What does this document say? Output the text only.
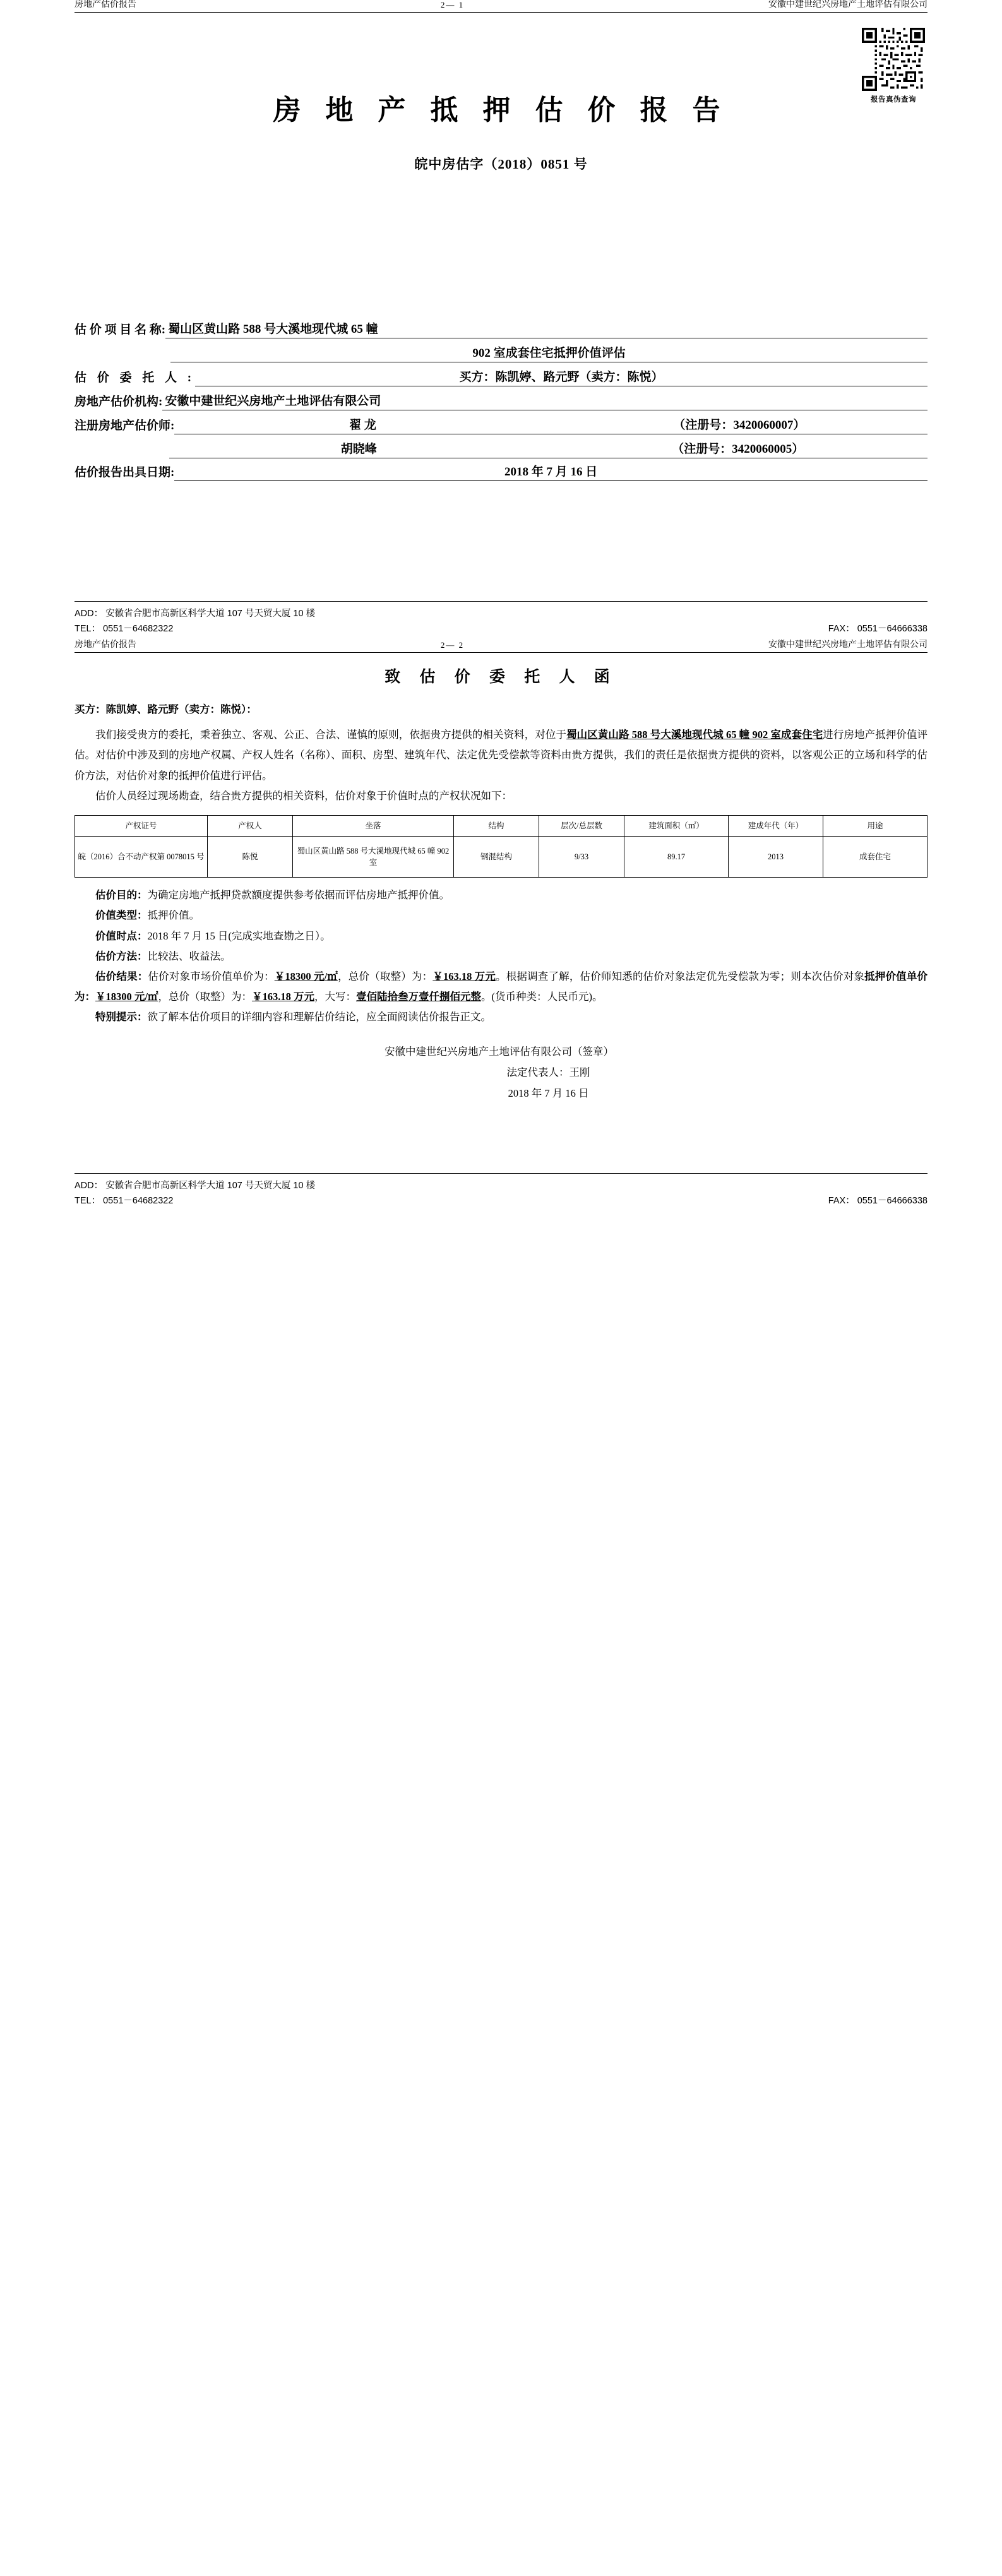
房地产估价报告	2— 1	安徽中建世纪兴房地产土地评估有限公司
报告真伪查询
房 地 产 抵 押 估 价 报 告
皖中房估字（2018）0851 号
估 价 项 目 名 称: 蜀山区黄山路 588 号大溪地现代城 65 幢
902 室成套住宅抵押价值评估
估 价 委 托 人 :	买方：陈凯婷、路元野（卖方：陈悦）
房地产估价机构: 安徽中建世纪兴房地产土地评估有限公司
注册房地产估价师:	翟 龙	（注册号：3420060007）
胡晓峰	（注册号：3420060005）
估价报告出具日期:	2018 年 7 月 16 日
ADD： 安徽省合肥市高新区科学大道 107 号天贸大厦 10 楼
TEL： 0551－64682322	FAX： 0551－64666338
房地产估价报告	2— 2	安徽中建世纪兴房地产土地评估有限公司
致 估 价 委 托 人 函
买方：陈凯婷、路元野（卖方：陈悦）：

我们接受贵方的委托，秉着独立、客观、公正、合法、谨慎的原则，依据贵方提供的相关资料，对位于蜀山区黄山路 588 号大溪地现代城 65 幢 902 室成套住宅进行房地产抵押价值评估。对估价中涉及到的房地产权属、产权人姓名（名称）、面积、房型、建筑年代、法定优先受偿款等资料由贵方提供，我们的责任是依据贵方提供的资料，以客观公正的立场和科学的估价方法，对估价对象的抵押价值进行评估。

估价人员经过现场勘查，结合贵方提供的相关资料，估价对象于价值时点的产权状况如下：

产权证号	产权人	坐落	结构	层次/总层数	建筑面积（㎡）	建成年代（年）	用途
皖（2016）合不动产权第 0078015 号	陈悦	蜀山区黄山路 588 号大溪地现代城 65 幢 902 室	钢混结构	9/33	89.17	2013	成套住宅

估价目的：为确定房地产抵押贷款额度提供参考依据而评估房地产抵押价值。

价值类型：抵押价值。

价值时点：2018 年 7 月 15 日(完成实地查勘之日）。

估价方法：比较法、收益法。

估价结果：估价对象市场价值单价为：￥18300 元/㎡，总价（取整）为：￥163.18 万元。根据调查了解，估价师知悉的估价对象法定优先受偿款为零；则本次估价对象抵押价值单价为：￥18300 元/㎡，总价（取整）为：￥163.18 万元，大写：壹佰陆拾叁万壹仟捌佰元整。(货币种类：人民币元)。

特别提示：欲了解本估价项目的详细内容和理解估价结论，应全面阅读估价报告正文。

安徽中建世纪兴房地产土地评估有限公司（签章）
法定代表人：王刚
2018 年 7 月 16 日
ADD： 安徽省合肥市高新区科学大道 107 号天贸大厦 10 楼
TEL： 0551－64682322	FAX： 0551－64666338
